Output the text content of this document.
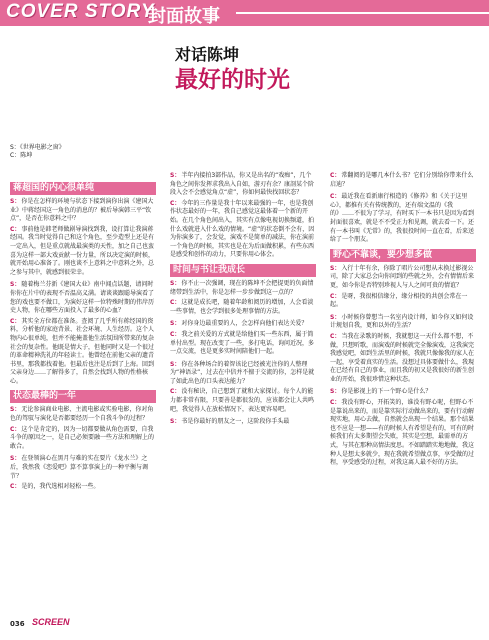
COVER STORY
封面故事
对话陈坤
最好的时光
S：《世界电影之窗》
C：陈坤
蒋超国的内心很单纯
S：你是在怎样的环境与状态下接到演你出演《建国大业》中蒋经国这一角色的消息的？被后导演韩三平“钦点”，是否在你意料之中？
C：事前他是韩老师做剧导演找到我，设打算让我演蒋经国。我当时觉得自己和这个角色，至少造型上还是有一定出入，但是重点就战最演类的天性，加之自己也蛮喜为这样一部大戏贡献一份力量，所以决定演的时候，就开始用心准备了。刚也谈不上意料之中意料之外，总之参与其中，就感到很荣幸。
S：随着梅兰芬新《建国大业》南中闻点话题，请问时你你在片中的表现不否温高义满。请谈谈跟聪导演看了您的戏也要不做口，为演好这样一位特殊时期的伟岸历史人物，你在哪些方面投入了最多的心血？
C：其实全方位都在准备。查阅了几乎所有蒋经国的资料，分析他的家庭背景、社会环境、人生经历。这个人物内心很单纯，但并不能掩盖他生活氛围所带来的复杂社会的复杂性。他既是情大子，但他同时又是一个很过的革命精神洗礼的年轻读士。他曾经在前他父亲的遗青书里，那我都找着他。但最后也注是后到了上海。回到父亲身边……了解得多了，自然会找到人物的性格核心。
状态最棒的一年
S：无论参演商业电影、主流电影或实验电影，你对角色的驾驭与演化是否都要经历一个自我斗争的过程？
C：这个是肯定的，因为一切都要做从角色需要，自我斗争的原因之一，是自己必须要融一些方法和理解上的敢合。
S：在登领演心在黑月与难的实在要片《龙水兰》之后，我然我《恋爱吧》算不算事演上的一种平衡与调节？
C：是的，我代选相对轻松一些。
S：半年内接拍3部作品，你又是出名的“戏痴”，几个角色之间你发挥求我出入自如，游刃有余？康剖某个阶段入会不会感觉角点“虚”，你如何最快找回状态？
C：今年的三作量是我十年以来最强的一年，也是我创作状态最好的一年，我自己感觉这最体着一个新的开始。在几个角色间出入，其实有点像电视切换频道，拍什么戏就进入什么戏的情境。“虚”的状态倒不会有，因为你演多了，会发觉，演戏不是简单的减法，你在演前一个角色的时候，其实也是在为后面做积累，有些东西是感受和创作的动力，只要你用心体会。
时间与书让我成长
S：你不止一次强调，现在的陈坤不会把提更的负面情绪带到生活中，你是怎样一步步做到这一点的？
C：这就是成长吧，随着年龄和阅历的增加，人会看淡一些事情，也会学到很多处理事情的方法。
S：对你身边最重要的人，会怎样向他们表达关爱？
C：我之前关爱的方式就是给他们买一些东西，属于简单付出型。现在改变了一些，多打电话，询问近况，多一点交流，也是更多实时间陪他们一起。
S：你在各种场合的着智该论已经被光注你的人整理为“神语录”，过去在中信并不擅于交流的你，怎样是就了如此出色的口头表达能力？
C：没有秘诀，自己想到了就和大家探讨。每个人的能力都非常有限，只要善是都很发的，应该都会让人共鸣吧，我觉得人在放松情况下，表达更容易吧。
S：书是你最好的朋友之一，这阶段你手头最
C：常翻阅的是哪几本什么书？它们分别给你带来什么启迪？
C：最近我在看新康行相造的《修养》和《关于这里心》，都推有关有传统教的，还有端文温的《我的》……不很为了学习，有时买下一本书只是因为看到封面很喜欢，就是不不受正力和见调，就去看一下。还有一本书叫《无常》的，我很投时间一直在看，后来送给了一个朋友。
野心不靠谈，要少想多做
S：入行十年有余，你除了唱片公司想从未换过影视公司，除了大家总会向你问到的些就之外，会有情情后来更，如今你是否特别珍视人与人之间可贵的情谊？
C：是呀，我很相信缘分，缘分相投的共创会常在一起。
S：小时候你曾想当一名室内设计师，如今你又如何设计规划自我，更和以外的生活？
C：当我在录歌的时候，我就想这一天什么都不想，不做，只想听歌，而演戏的时候就完全像演戏，这我演完我感觉吧，如到生活里的时候，我就只像像我的家人在一起，享受着真实的生活。没想过具体要做什么，我現在已经有自己的事业，而且我的初又是我很好的新生创业的开始，我很珍惜这种状态。
S：你是影视上的下一个野心是什么？
C：我没有野心，开拓笑的，谁没有野心呢，但野心不是靠说出来的，而是靠实际行动做出来的，要有行动解现实地，用心去做，自然就会出现一个结果。那个结果也不应是一想——有的时候人有希望是有的，可有的时候我们有太多期望会失败，其实是空想，最需单的方式，与其在那种高情法度思。不如踏踏实地地做，我这种人是想太多就少，现在我就希望做点事，享受做的过程，享受感受的过程，对我这离人最不好的方法。
036 SCREEN
